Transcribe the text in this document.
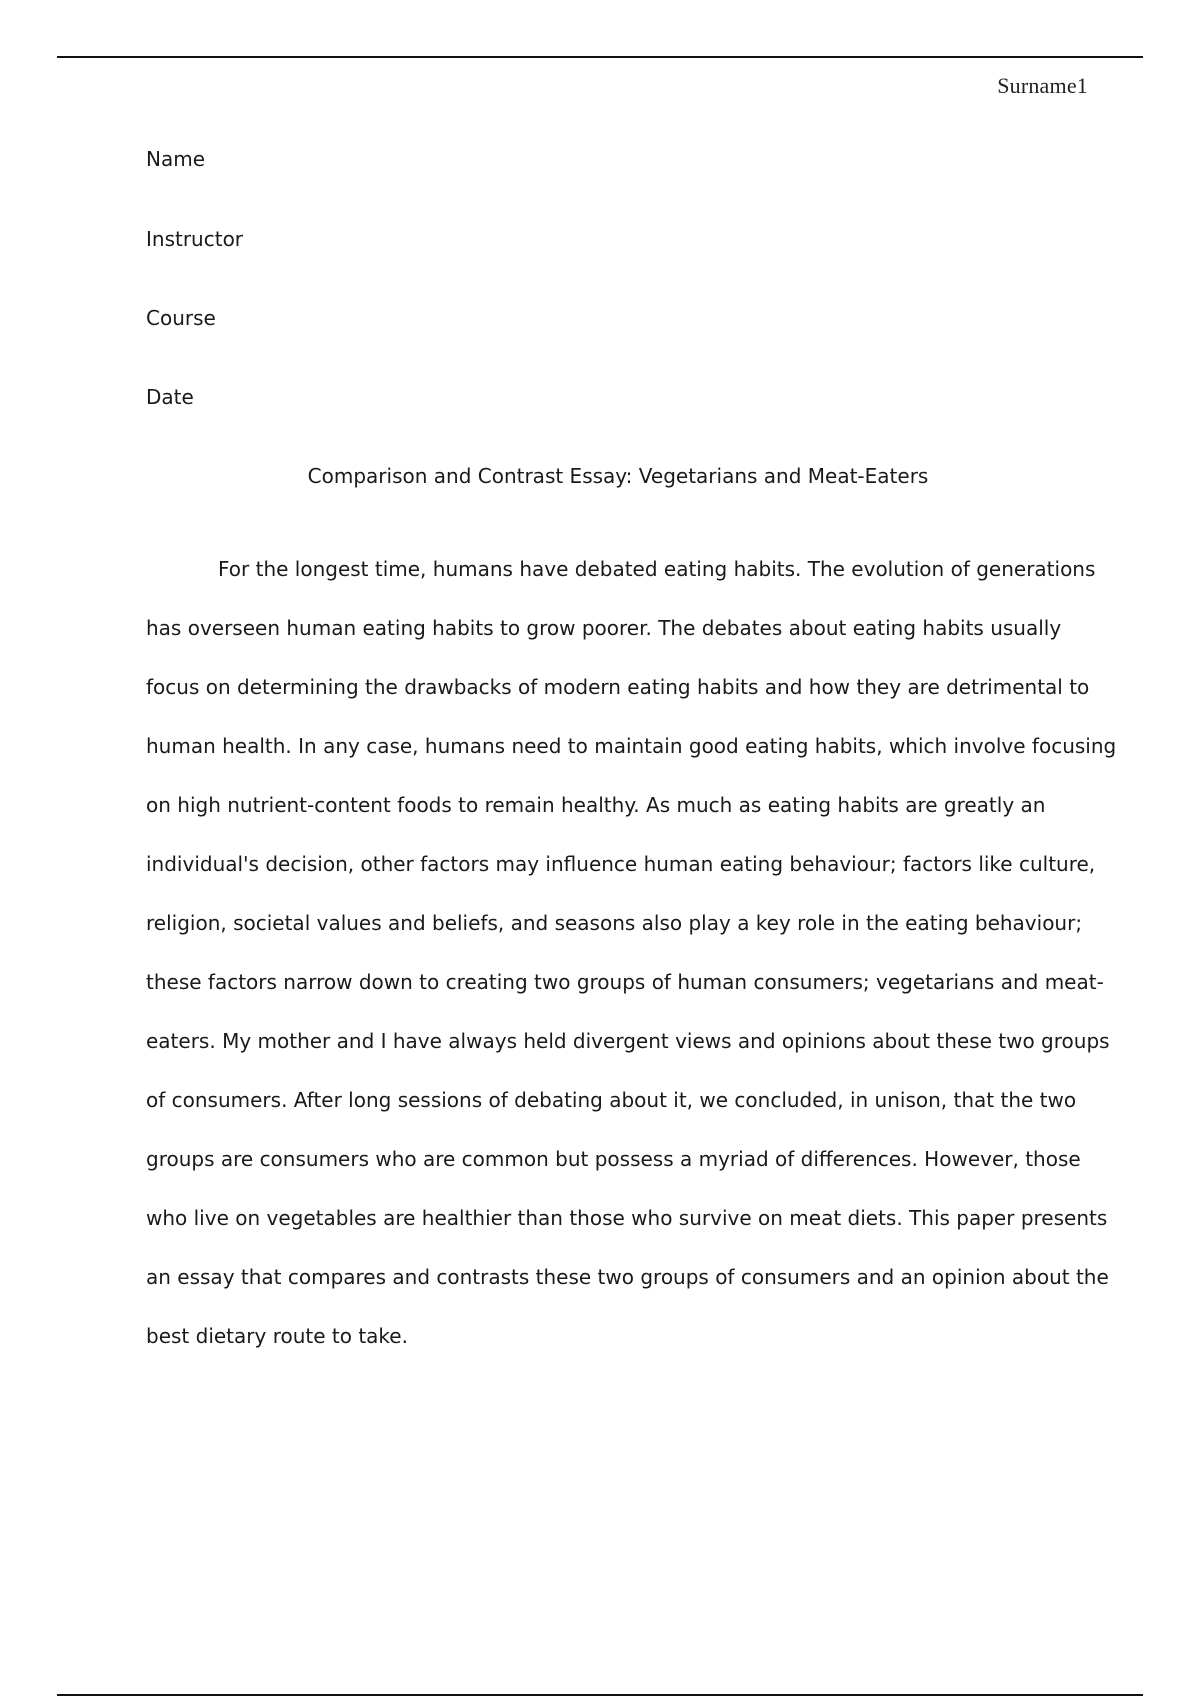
Surname1
Name
Instructor
Course
Date
Comparison and Contrast Essay: Vegetarians and Meat-Eaters
For the longest time, humans have debated eating habits. The evolution of generations
has overseen human eating habits to grow poorer. The debates about eating habits usually
focus on determining the drawbacks of modern eating habits and how they are detrimental to
human health. In any case, humans need to maintain good eating habits, which involve focusing
on high nutrient-content foods to remain healthy. As much as eating habits are greatly an
individual's decision, other factors may influence human eating behaviour; factors like culture,
religion, societal values and beliefs, and seasons also play a key role in the eating behaviour;
these factors narrow down to creating two groups of human consumers; vegetarians and meat-
eaters. My mother and I have always held divergent views and opinions about these two groups
of consumers. After long sessions of debating about it, we concluded, in unison, that the two
groups are consumers who are common but possess a myriad of differences. However, those
who live on vegetables are healthier than those who survive on meat diets. This paper presents
an essay that compares and contrasts these two groups of consumers and an opinion about the
best dietary route to take.
